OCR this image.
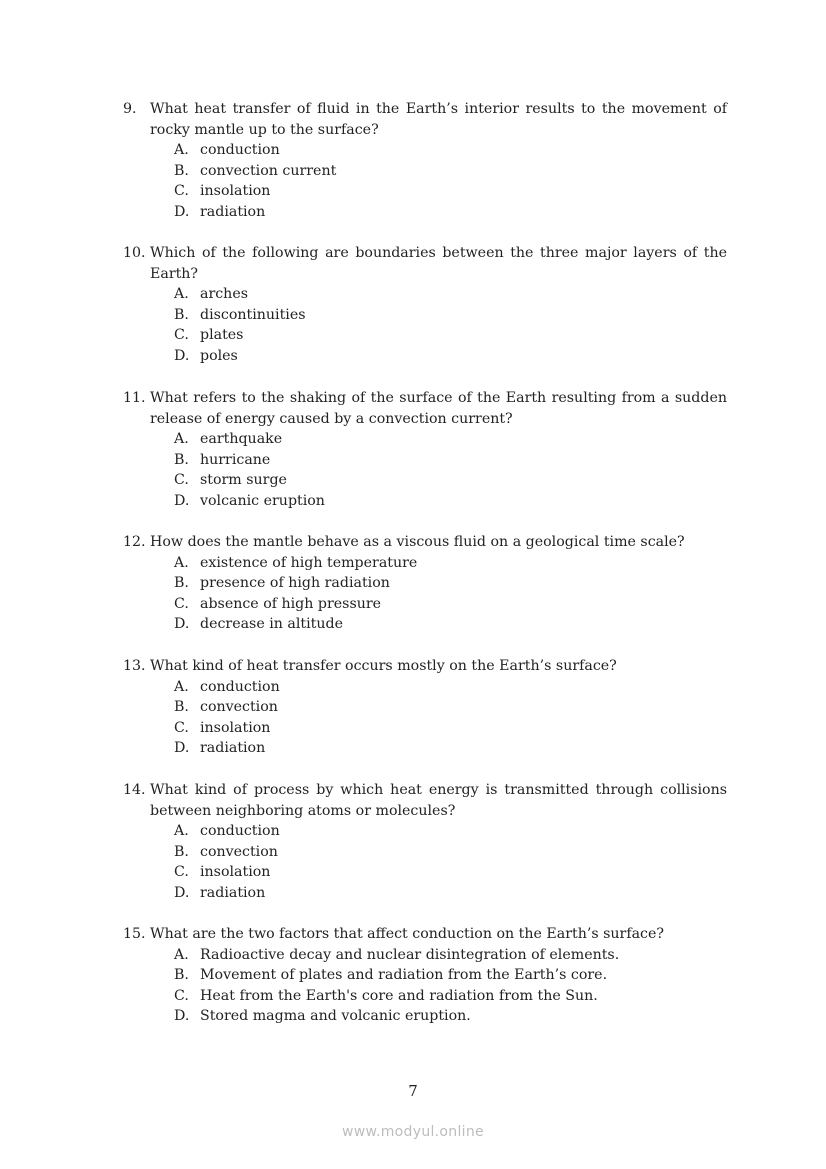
9. What heat transfer of fluid in the Earth’s interior results to the movement of rocky mantle up to the surface?
A. conduction
B. convection current
C. insolation
D. radiation
10. Which of the following are boundaries between the three major layers of the Earth?
A. arches
B. discontinuities
C. plates
D. poles
11. What refers to the shaking of the surface of the Earth resulting from a sudden release of energy caused by a convection current?
A. earthquake
B. hurricane
C. storm surge
D. volcanic eruption
12. How does the mantle behave as a viscous fluid on a geological time scale?
A. existence of high temperature
B. presence of high radiation
C. absence of high pressure
D. decrease in altitude
13. What kind of heat transfer occurs mostly on the Earth’s surface?
A. conduction
B. convection
C. insolation
D. radiation
14. What kind of process by which heat energy is transmitted through collisions between neighboring atoms or molecules?
A. conduction
B. convection
C. insolation
D. radiation
15. What are the two factors that affect conduction on the Earth’s surface?
A. Radioactive decay and nuclear disintegration of elements.
B. Movement of plates and radiation from the Earth’s core.
C. Heat from the Earth's core and radiation from the Sun.
D. Stored magma and volcanic eruption.
7
www.modyul.online
